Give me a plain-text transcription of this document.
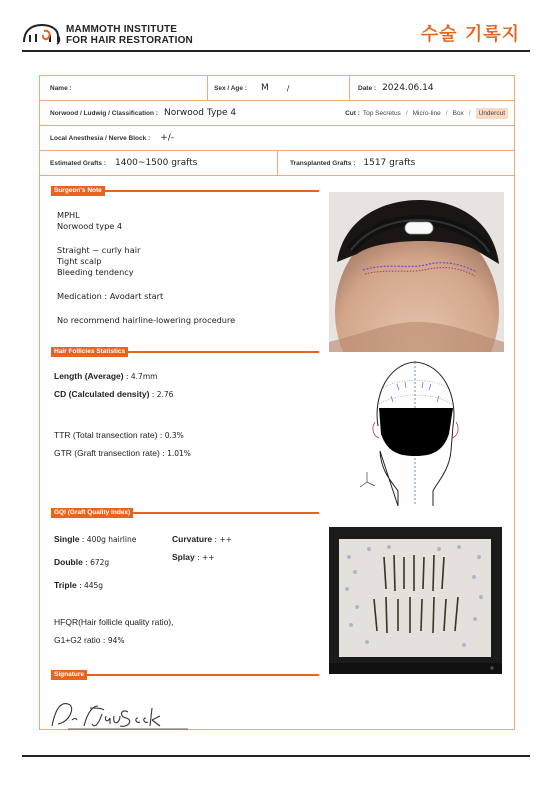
MAMMOTH INSTITUTE
FOR HAIR RESTORATION	수술 기록지
Name :	Sex / Age : M /	Date : 2024.06.14
Norwood / Ludwig / Classification : Norwood Type 4	Cut : Top Secretus / Micro-line / Box /	Undercut
Local Anesthesia / Nerve Block : +/-
Estimated Grafts : 1400~1500 grafts	Transplanted Grafts : 1517 grafts
Surgeon's Note
MPHL
Norwood type 4
Straight ~ curly hair
Tight scalp
Bleeding tendency
Medication : Avodart start
No recommend hairline-lowering procedure
Hair Follicles Statistics
Length (Average) : 4.7mm
CD (Calculated density) : 2.76
TTR (Total transection rate) : 0.3%
GTR (Graft transection rate) : 1.01%
GQI (Graft Quality index)
Single : 400g hairline
Double : 672g
Triple : 445g
Curvature : ++
Splay : ++
HFQR(Hair follicle quality ratio),
G1+G2 ratio : 94%
Signature
